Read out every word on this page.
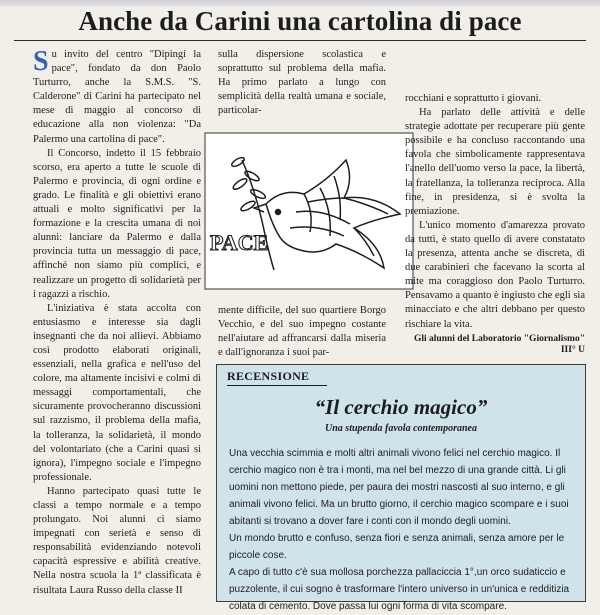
Anche da Carini una cartolina di pace

Su invito del centro "Dipingi la pace", fondato da don Paolo Turturro, anche la S.M.S. "S. Calderone" di Carini ha partecipato nel mese di maggio al concorso di educazione alla non violenza: "Da Palermo una cartolina di pace".

Il Concorso, indetto il 15 febbraio scorso, era aperto a tutte le scuole di Palermo e provincia, di ogni ordine e grado. Le finalità e gli obiettivi erano attuali e molto significativi per la formazione e la crescita umana di noi alunni: lanciare da Palermo e dalla provincia tutta un messaggio di pace, affinché non siamo più complici, e realizzare un progetto di solidarietà per i ragazzi a rischio.

L'iniziativa è stata accolta con entusiasmo e interesse sia dagli insegnanti che da noi allievi. Abbiamo così prodotto elaborati originali, essenziali, nella grafica e nell'uso del colore, ma altamente incisivi e colmi di messaggi comportamentali, che sicuramente provocheranno discussioni sul razzismo, il problema della mafia, la tolleranza, la solidarietà, il mondo del volontariato (che a Carini quasi si ignora), l'impegno sociale e l'impegno professionale.

Hanno partecipato quasi tutte le classi a tempo normale e a tempo prolungato. Noi alunni ci siamo impegnati con serietà e senso di responsabilità evidenziando notevoli capacità espressive e abilità creative. Nella nostra scuola la 1ª classificata è risultata Laura Russo della classe II

sulla dispersione scolastica e soprattutto sul problema della mafia. Ha primo parlato a lungo con semplicità della realtà umana e sociale, particolar-

PACE

mente difficile, del suo quartiere Borgo Vecchio, e del suo impegno costante nell'aiutare ad affrancarsi dalla miseria e dall'ignoranza i suoi par-

rocchiani e soprattutto i giovani.

Ha parlato delle attività e delle strategie adottate per recuperare più gente possibile e ha concluso raccontando una favola che simbolicamente rappresentava l'anello dell'uomo verso la pace, la libertà, la fratellanza, la tolleranza reciproca. Alla fine, in presidenza, si è svolta la premiazione.

L'unico momento d'amarezza provato da tutti, è stato quello di avere constatato la presenza, attenta anche se discreta, di due carabinieri che facevano la scorta al mite ma coraggioso don Paolo Turturro. Pensavamo a quanto è ingiusto che egli sia minacciato e che altri debbano per questo rischiare la vita.

Gli alunni del Laboratorio "Giornalismo" III° U
RECENSIONE
“Il cerchio magico”
Una stupenda favola contemporanea

Una vecchia scimmia e molti altri animali vivono felici nel cerchio magico. Il cerchio magico non è tra i monti, ma nel bel mezzo di una grande città. Li gli uomini non mettono piede, per paura dei mostri nascosti al suo interno, e gli animali vivono felici. Ma un brutto giorno, il cerchio magico scompare e i suoi abitanti si trovano a dover fare i conti con il mondo degli uomini.

Un mondo brutto e confuso, senza fiori e senza animali, senza amore per le piccole cose.

A capo di tutto c'è sua mollosa porchezza pallaciccia 1°,un orco sudaticcio e puzzolente, il cui sogno è trasformare l'intero universo in un'unica e redditizia colata di cemento. Dove passa lui ogni forma di vita scompare.
